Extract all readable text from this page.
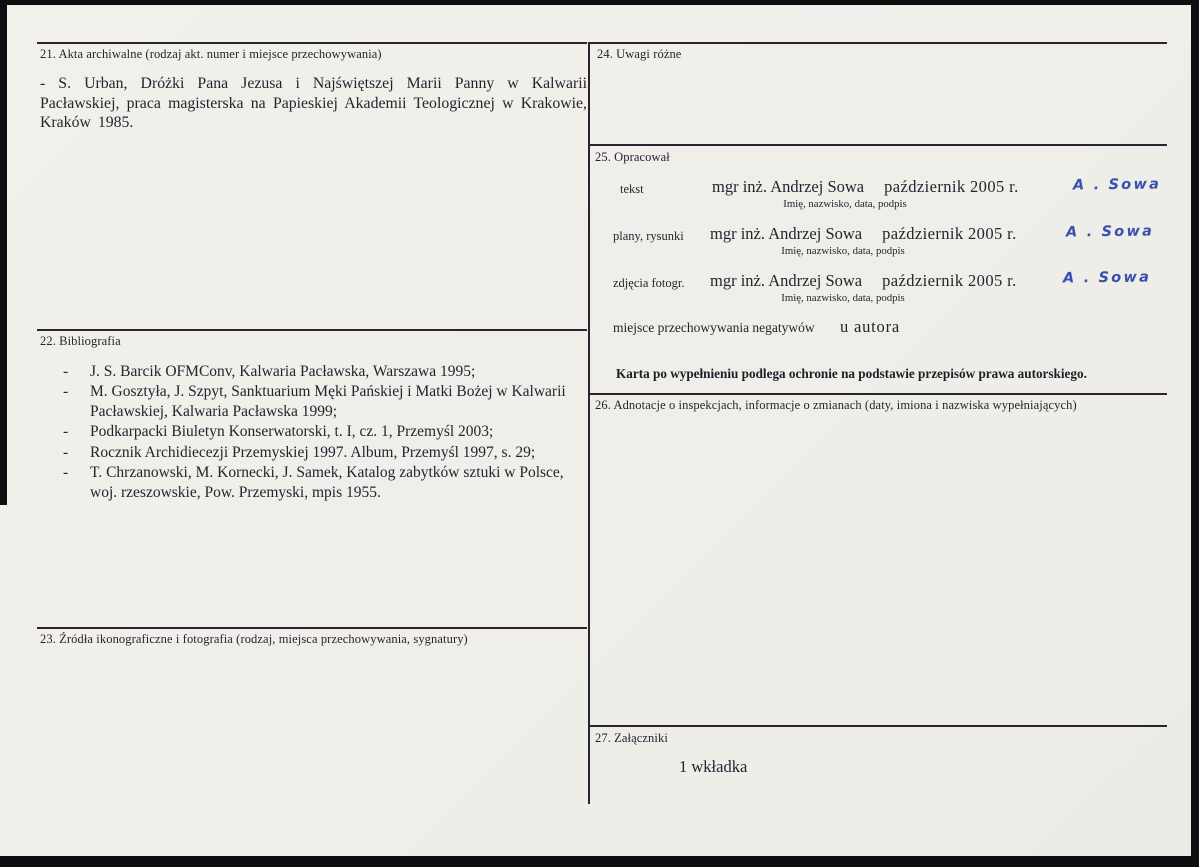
21. Akta archiwalne (rodzaj akt. numer i miejsce przechowywania)
- S. Urban, Dróżki Pana Jezusa i Najświętszej Marii Panny w Kalwarii Pacławskiej, praca magisterska na Papieskiej Akademii Teologicznej w Krakowie, Kraków 1985.
22. Bibliografia
-	J. S. Barcik OFMConv, Kalwaria Pacławska, Warszawa 1995;
-	M. Gosztyła, J. Szpyt, Sanktuarium Męki Pańskiej i Matki Bożej w Kalwarii Pacławskiej, Kalwaria Pacławska 1999;
-	Podkarpacki Biuletyn Konserwatorski, t. I, cz. 1, Przemyśl 2003;
-	Rocznik Archidiecezji Przemyskiej 1997. Album, Przemyśl 1997, s. 29;
-	T. Chrzanowski, M. Kornecki, J. Samek, Katalog zabytków sztuki w Polsce, woj. rzeszowskie, Pow. Przemyski, mpis 1955.
23. Źródła ikonograficzne i fotografia (rodzaj, miejsca przechowywania, sygnatury)
24. Uwagi różne
25. Opracował
tekst	mgr inż. Andrzej Sowa październik 2005 r.	A . Sowa
Imię, nazwisko, data, podpis
plany, rysunki mgr inż. Andrzej Sowa październik 2005 r.	A . Sowa
Imię, nazwisko, data, podpis
zdjęcia fotogr. mgr inż. Andrzej Sowa październik 2005 r.	A . Sowa
Imię, nazwisko, data, podpis
miejsce przechowywania negatywów u autora
Karta po wypełnieniu podlega ochronie na podstawie przepisów prawa autorskiego.
26. Adnotacje o inspekcjach, informacje o zmianach (daty, imiona i nazwiska wypełniających)
27. Załączniki
1 wkładka
